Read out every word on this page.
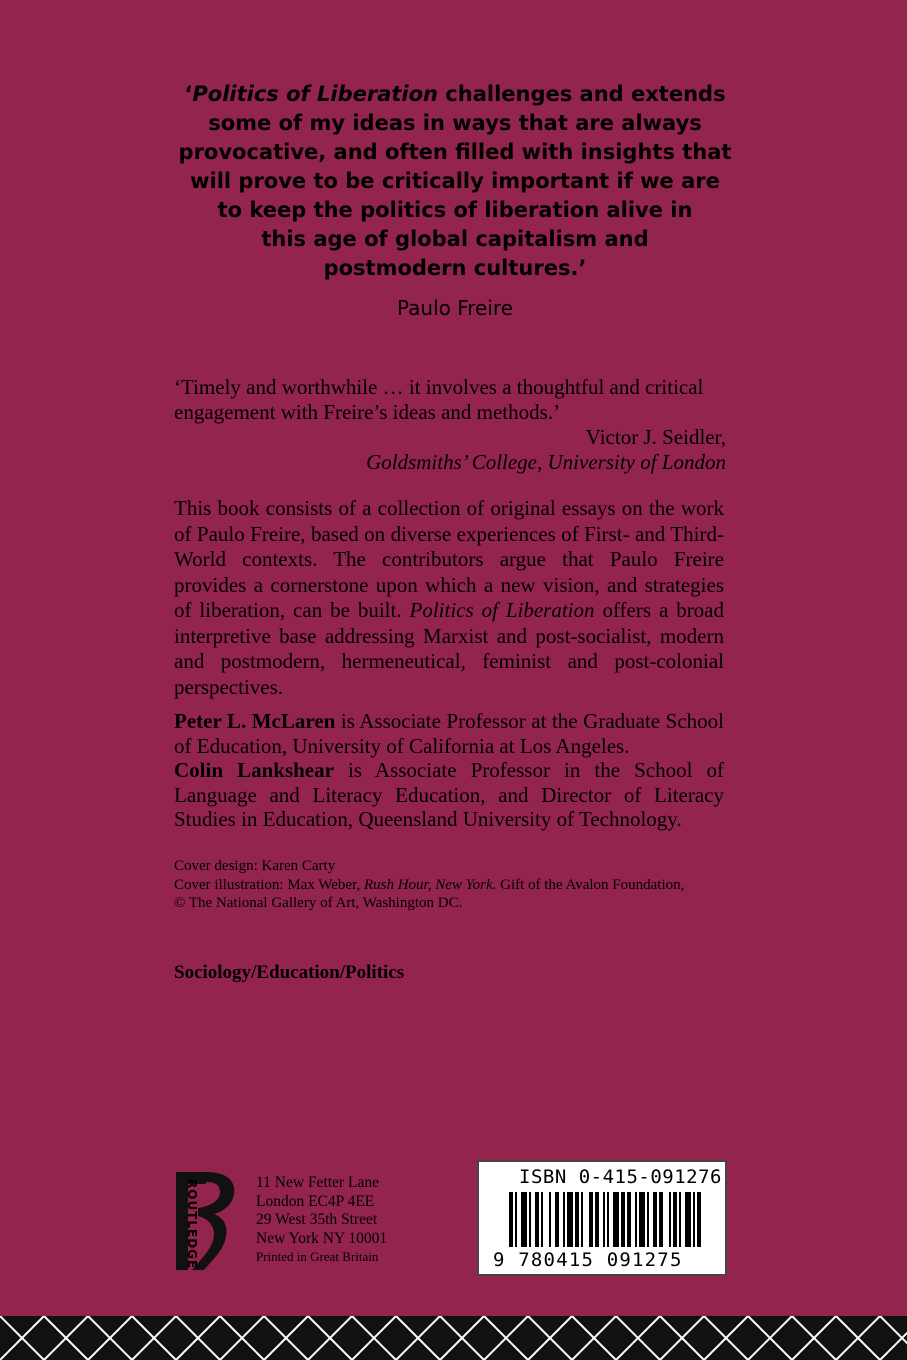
‘Politics of Liberation challenges and extends
some of my ideas in ways that are always
provocative, and often filled with insights that
will prove to be critically important if we are
to keep the politics of liberation alive in
this age of global capitalism and
postmodern cultures.’
Paulo Freire
‘Timely and worthwhile … it involves a thoughtful and critical
engagement with Freire’s ideas and methods.’
Victor J. Seidler,
Goldsmiths’ College, University of London

This book consists of a collection of original essays on the work of Paulo Freire, based on diverse experiences of First- and Third-World contexts. The contributors argue that Paulo Freire provides a cornerstone upon which a new vision, and strategies of liberation, can be built. Politics of Liberation offers a broad interpretive base addressing Marxist and post-socialist, modern and postmodern, hermeneutical, feminist and post-colonial perspectives.

Peter L. McLaren is Associate Professor at the Graduate School of Education, University of California at Los Angeles.

Colin Lankshear is Associate Professor in the School of Language and Literacy Education, and Director of Literacy Studies in Education, Queensland University of Technology.

Cover design: Karen Carty

Cover illustration: Max Weber, Rush Hour, New York. Gift of the Avalon Foundation,

© The National Gallery of Art, Washington DC.

Sociology/Education/Politics
ROUTLEDGE	11 New Fetter Lane

London EC4P 4EE

29 West 35th Street

New York NY 10001

Printed in Great Britain

ISBN 0-415-091276
9 780415 091275
